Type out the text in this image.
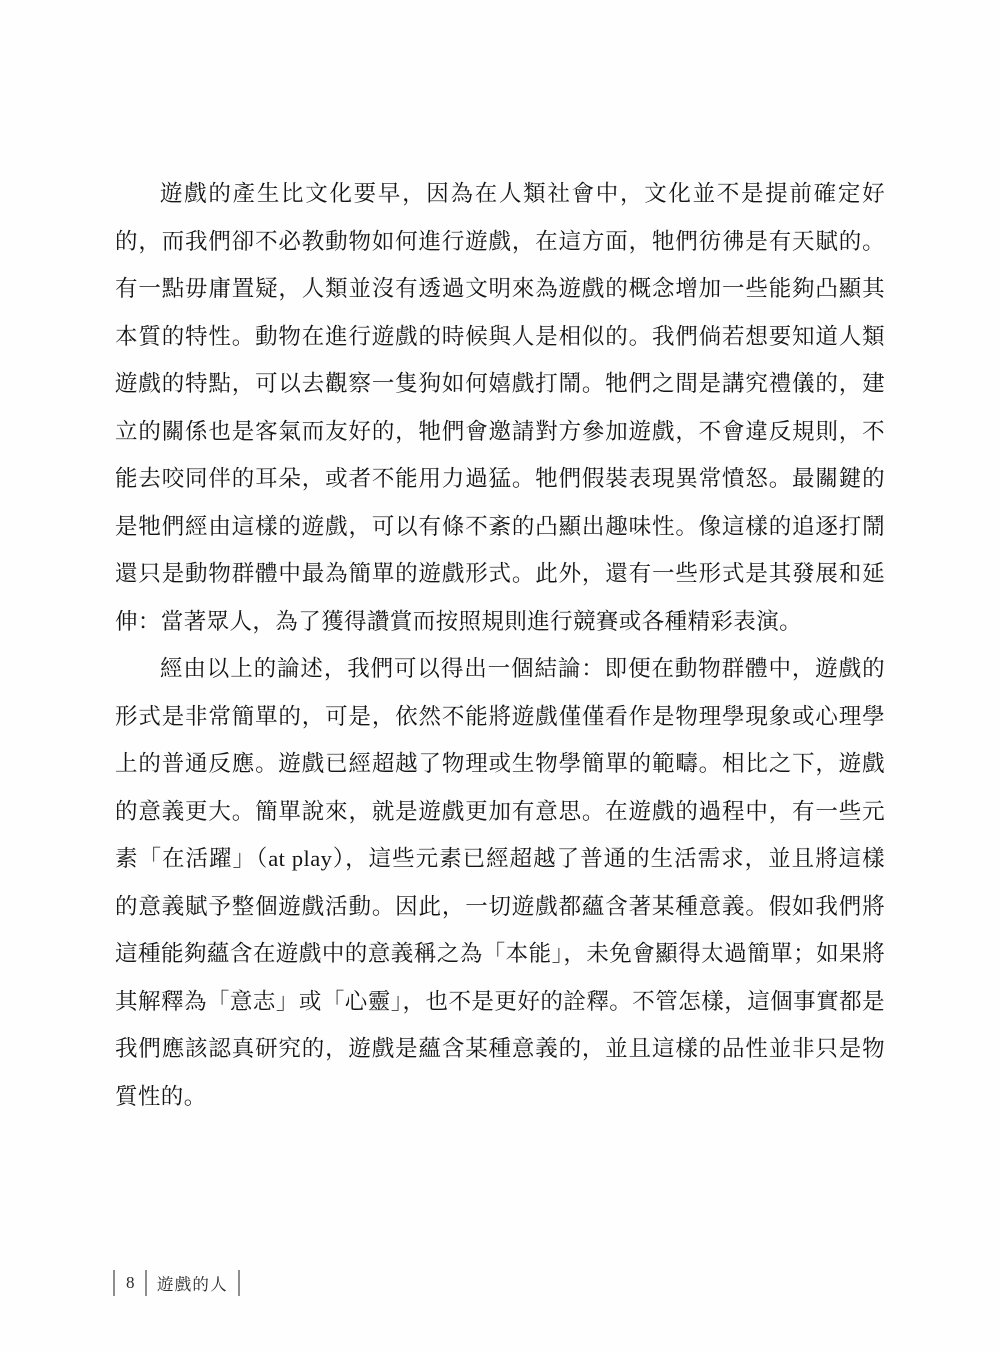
遊戲的產生比文化要早，因為在人類社會中，文化並不是提前確定好的，而我們卻不必教動物如何進行遊戲，在這方面，牠們彷彿是有天賦的。有一點毋庸置疑，人類並沒有透過文明來為遊戲的概念增加一些能夠凸顯其本質的特性。動物在進行遊戲的時候與人是相似的。我們倘若想要知道人類遊戲的特點，可以去觀察一隻狗如何嬉戲打鬧。牠們之間是講究禮儀的，建立的關係也是客氣而友好的，牠們會邀請對方參加遊戲，不會違反規則，不能去咬同伴的耳朵，或者不能用力過猛。牠們假裝表現異常憤怒。最關鍵的是牠們經由這樣的遊戲，可以有條不紊的凸顯出趣味性。像這樣的追逐打鬧還只是動物群體中最為簡單的遊戲形式。此外，還有一些形式是其發展和延伸：當著眾人，為了獲得讚賞而按照規則進行競賽或各種精彩表演。

經由以上的論述，我們可以得出一個結論：即便在動物群體中，遊戲的形式是非常簡單的，可是，依然不能將遊戲僅僅看作是物理學現象或心理學上的普通反應。遊戲已經超越了物理或生物學簡單的範疇。相比之下，遊戲的意義更大。簡單說來，就是遊戲更加有意思。在遊戲的過程中，有一些元素「在活躍」（at play），這些元素已經超越了普通的生活需求，並且將這樣的意義賦予整個遊戲活動。因此，一切遊戲都蘊含著某種意義。假如我們將這種能夠蘊含在遊戲中的意義稱之為「本能」，未免會顯得太過簡單；如果將其解釋為「意志」或「心靈」，也不是更好的詮釋。不管怎樣，這個事實都是我們應該認真研究的，遊戲是蘊含某種意義的，並且這樣的品性並非只是物質性的。

8 遊戲的人
